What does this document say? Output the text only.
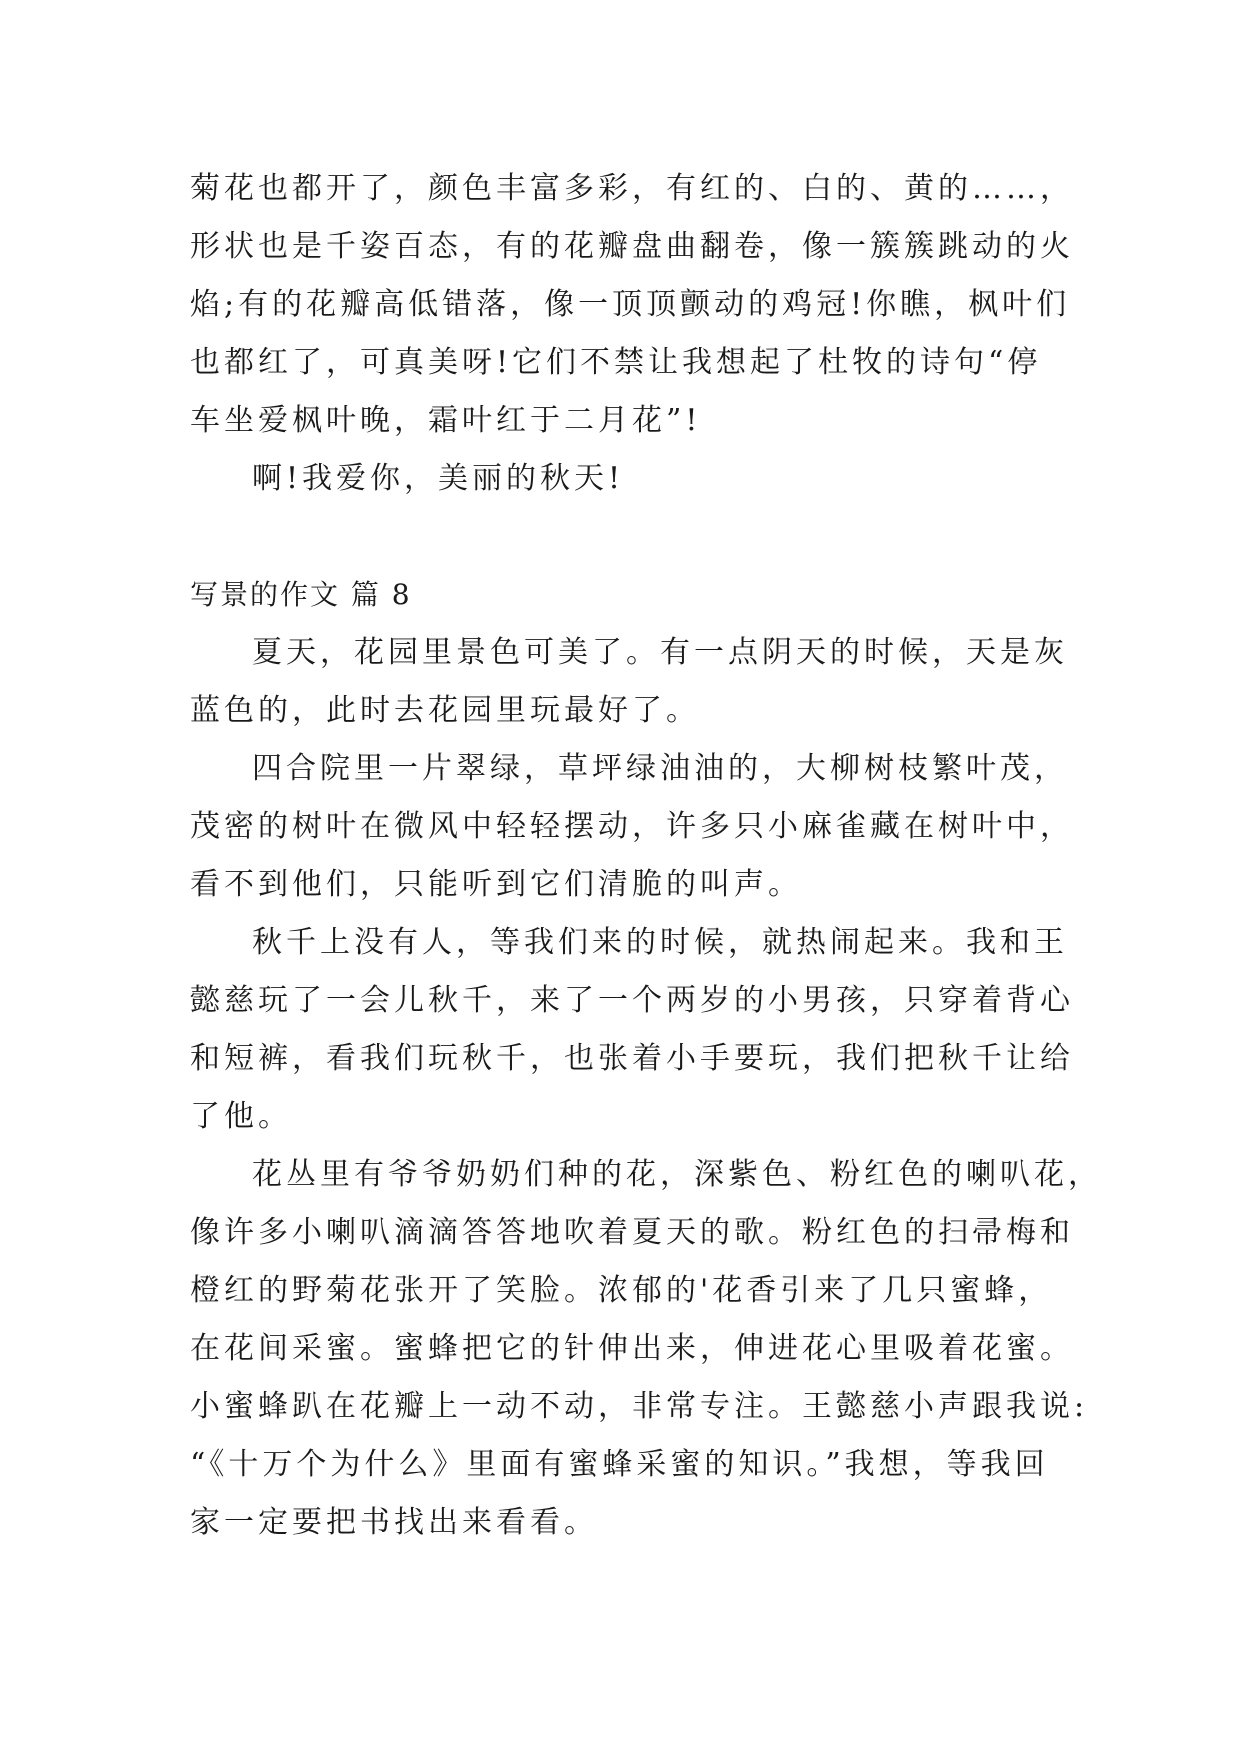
菊花也都开了，颜色丰富多彩，有红的、白的、黄的……，
形状也是千姿百态，有的花瓣盘曲翻卷，像一簇簇跳动的火
焰;有的花瓣高低错落，像一顶顶颤动的鸡冠!你瞧，枫叶们
也都红了，可真美呀!它们不禁让我想起了杜牧的诗句“停
车坐爱枫叶晚，霜叶红于二月花”!
啊!我爱你，美丽的秋天!
写景的作文 篇 8
夏天，花园里景色可美了。有一点阴天的时候，天是灰
蓝色的，此时去花园里玩最好了。
四合院里一片翠绿，草坪绿油油的，大柳树枝繁叶茂，
茂密的树叶在微风中轻轻摆动，许多只小麻雀藏在树叶中，
看不到他们，只能听到它们清脆的叫声。
秋千上没有人，等我们来的时候，就热闹起来。我和王
懿慈玩了一会儿秋千，来了一个两岁的小男孩，只穿着背心
和短裤，看我们玩秋千，也张着小手要玩，我们把秋千让给
了他。
花丛里有爷爷奶奶们种的花，深紫色、粉红色的喇叭花，
像许多小喇叭滴滴答答地吹着夏天的歌。粉红色的扫帚梅和
橙红的野菊花张开了笑脸。浓郁的'花香引来了几只蜜蜂，
在花间采蜜。蜜蜂把它的针伸出来，伸进花心里吸着花蜜。
小蜜蜂趴在花瓣上一动不动，非常专注。王懿慈小声跟我说:
“《十万个为什么》里面有蜜蜂采蜜的知识。”我想，等我回
家一定要把书找出来看看。
